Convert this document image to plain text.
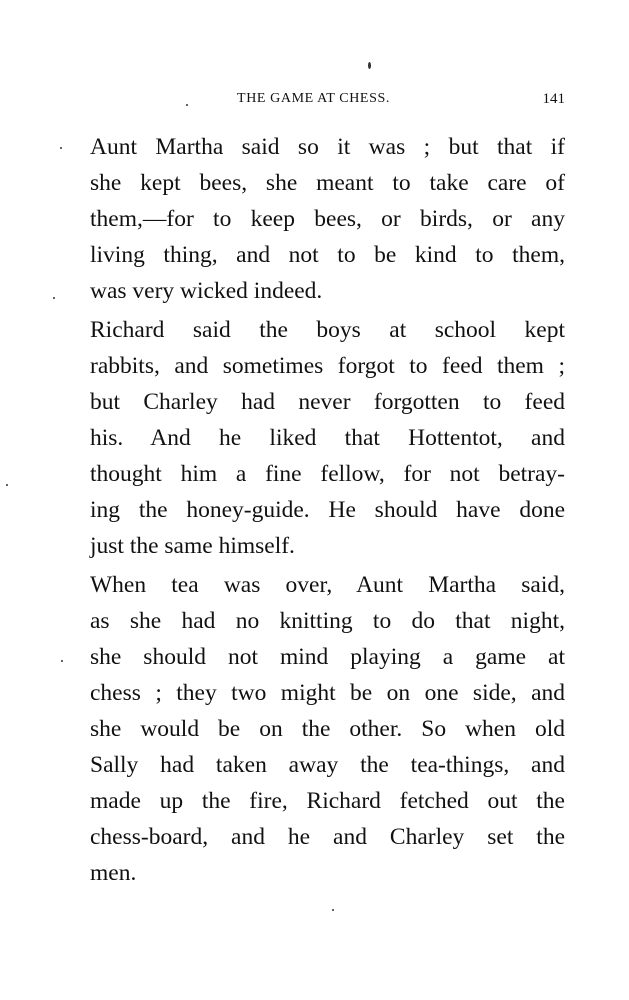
THE GAME AT CHESS.	141

Aunt Martha said so it was ; but that if
she kept bees, she meant to take care of
them,—for to keep bees, or birds, or any
living thing, and not to be kind to them,
was very wicked indeed.

Richard said the boys at school kept
rabbits, and sometimes forgot to feed them ;
but Charley had never forgotten to feed
his. And he liked that Hottentot, and
thought him a fine fellow, for not betray-
ing the honey-guide. He should have done
just the same himself.

When tea was over, Aunt Martha said,
as she had no knitting to do that night,
she should not mind playing a game at
chess ; they two might be on one side, and
she would be on the other. So when old
Sally had taken away the tea-things, and
made up the fire, Richard fetched out the
chess-board, and he and Charley set the
men.
